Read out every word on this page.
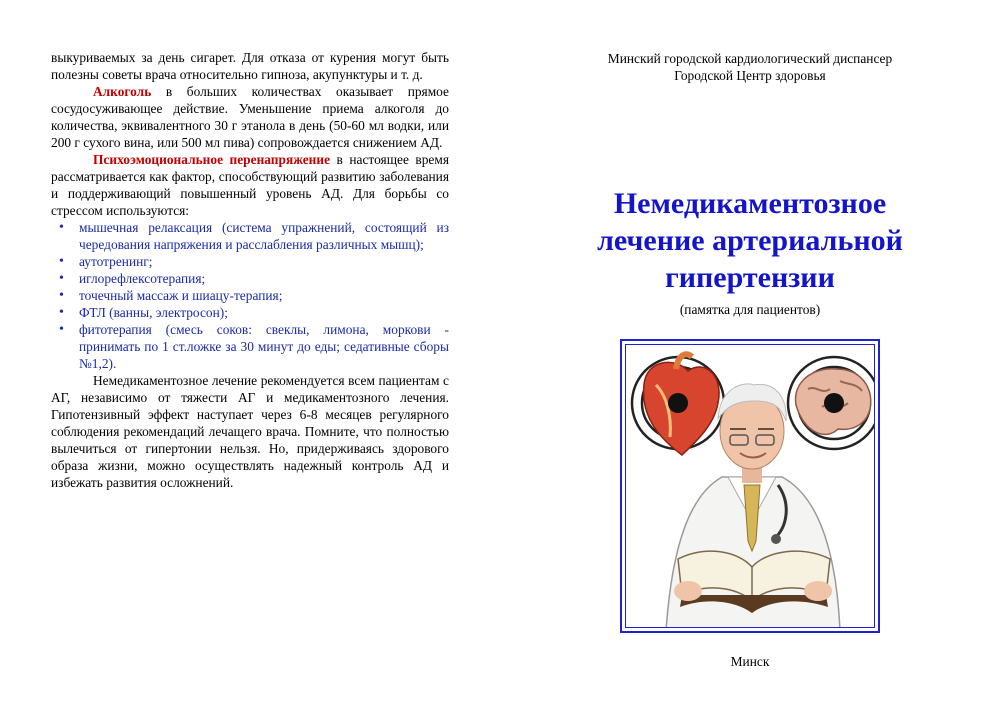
выкуриваемых за день сигарет. Для отказа от курения могут быть полезны советы врача относительно гипноза, акупунктуры и т. д.

Алкоголь в больших количествах оказывает прямое сосудосуживающее действие. Уменьшение приема алкоголя до количества, эквивалентного 30 г этанола в день (50-60 мл водки, или 200 г сухого вина, или 500 мл пива) сопровождается снижением АД.

Психоэмоциональное перенапряжение в настоящее время рассматривается как фактор, способствующий развитию заболевания и поддерживающий повышенный уровень АД. Для борьбы со стрессом используются:

• мышечная релаксация (система упражнений, состоящий из чередования напряжения и расслабления различных мышц);
• аутотренинг;
• иглорефлексотерапия;
• точечный массаж и шиацу-терапия;
• ФТЛ (ванны, электросон);
• фитотерапия (смесь соков: свеклы, лимона, моркови - принимать по 1 ст.ложке за 30 минут до еды; седативные сборы №1,2).

Немедикаментозное лечение рекомендуется всем пациентам с АГ, независимо от тяжести АГ и медикаментозного лечения. Гипотензивный эффект наступает через 6-8 месяцев регулярного соблюдения рекомендаций лечащего врача. Помните, что полностью вылечиться от гипертонии нельзя. Но, придерживаясь здорового образа жизни, можно осуществлять надежный контроль АД и избежать развития осложнений.

Минский городской кардиологический диспансер
Городской Центр здоровья
Немедикаментозное
лечение артериальной
гипертензии
(памятка для пациентов)
Минск
